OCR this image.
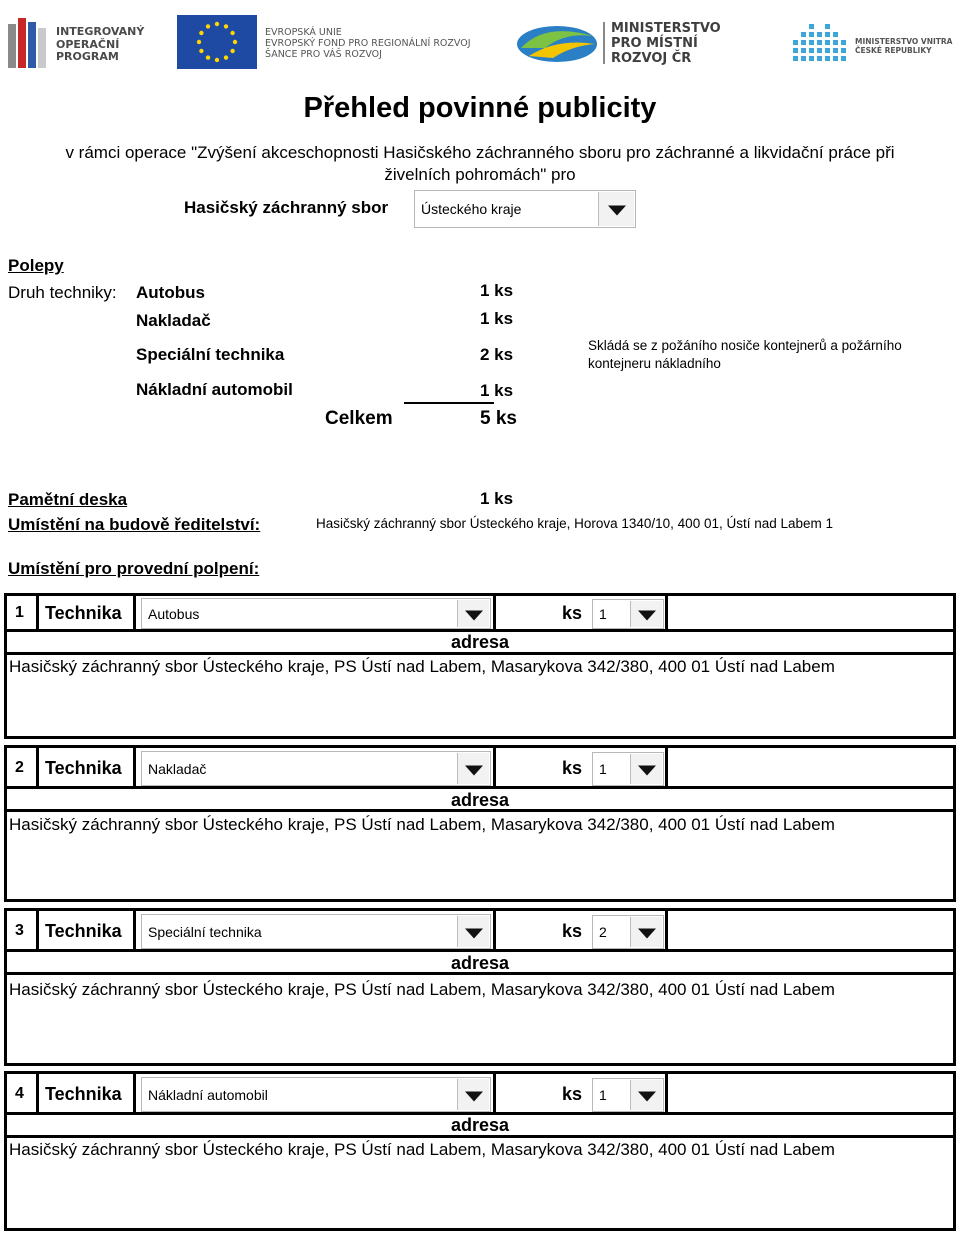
INTEGROVANÝ
OPERAČNÍ
PROGRAM
EVROPSKÁ UNIE
EVROPSKÝ FOND PRO REGIONÁLNÍ ROZVOJ
ŠANCE PRO VÁŠ ROZVOJ
MINISTERSTVO
PRO MÍSTNÍ
ROZVOJ ČR
MINISTERSTVO VNITRA
ČESKÉ REPUBLIKY
Přehled povinné publicity
v rámci operace "Zvýšení akceschopnosti Hasičského záchranného sboru pro záchranné a likvidační práce při
živelních pohromách" pro
Hasičský záchranný sbor Ústeckého kraje
Polepy
Druh techniky: Autobus	1 ks
Nakladač	1 ks
Speciální technika	2 ks	Skládá se z požáního nosiče kontejnerů a požárního
kontejneru nákladního
Nákladní automobil	1 ks
Celkem	5 ks
Pamětní deska	1 ks
Umístění na budově ředitelství:	Hasičský záchranný sbor Ústeckého kraje, Horova 1340/10, 400 01, Ústí nad Labem 1
Umístění pro provední polpení:
1 Technika Autobus	ks 1
adresa
Hasičský záchranný sbor Ústeckého kraje, PS Ústí nad Labem, Masarykova 342/380, 400 01 Ústí nad Labem
2 Technika Nakladač	ks 1
adresa
Hasičský záchranný sbor Ústeckého kraje, PS Ústí nad Labem, Masarykova 342/380, 400 01 Ústí nad Labem
3 Technika Speciální technika	ks 2
adresa
Hasičský záchranný sbor Ústeckého kraje, PS Ústí nad Labem, Masarykova 342/380, 400 01 Ústí nad Labem
4 Technika Nákladní automobil	ks 1
adresa
Hasičský záchranný sbor Ústeckého kraje, PS Ústí nad Labem, Masarykova 342/380, 400 01 Ústí nad Labem
